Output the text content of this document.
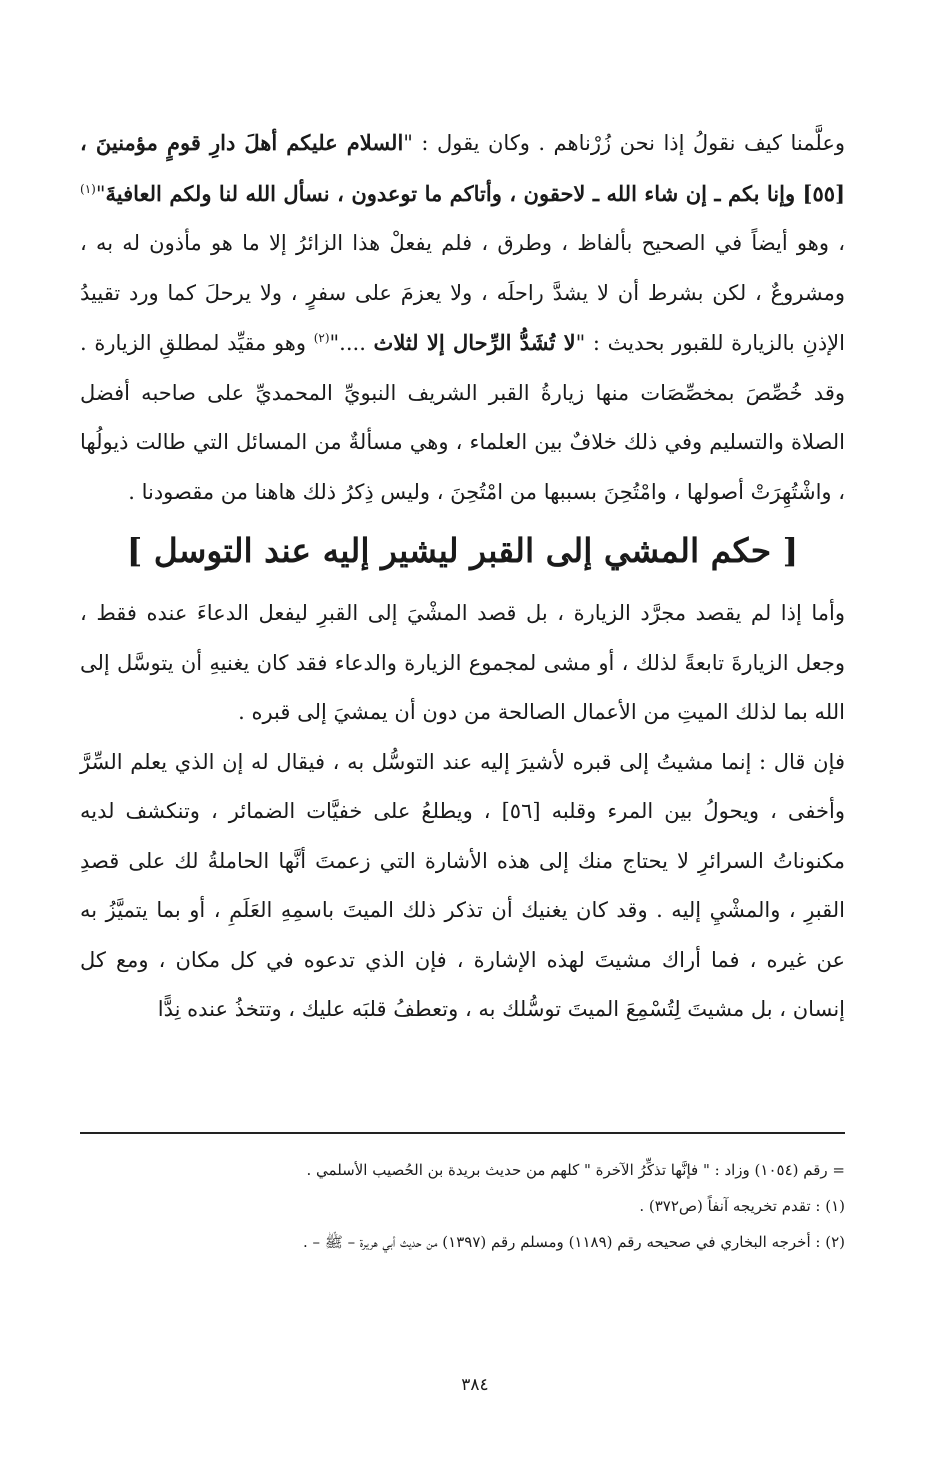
وعلَّمنا كيف نقولُ إذا نحن زُرْناهم . وكان يقول : "السلام عليكم أهلَ دارِ قومٍ مؤمنينَ ، [٥٥] وإنا بكم ـ إن شاء الله ـ لاحقون ، وأتاكم ما توعدون ، نسأل الله لنا ولكم العافيةَ"$^{(١)}$ ، وهو أيضاً في الصحيح بألفاظ ، وطرق ، فلم يفعلْ هذا الزائرُ إلا ما هو مأذون له به ، ومشروعٌ ، لكن بشرط أن لا يشدَّ راحلَه ، ولا يعزمَ على سفرٍ ، ولا يرحلَ كما ورد تقييدُ الإذنِ بالزيارة للقبور بحديث : "لا تُشَدُّ الرِّحال إلا لثلاث ...."$^{(٢)}$ وهو مقيِّد لمطلقِ الزيارة . وقد خُصِّصَ بمخصِّصَات منها زيارةُ القبر الشريف النبويِّ المحمديِّ على صاحبه أفضل الصلاة والتسليم وفي ذلك خلافٌ بين العلماء ، وهي مسألةٌ من المسائل التي طالت ذيولُها ، واشْتُهِرَتْ أصولها ، وامْتُحِنَ بسببها من امْتُحِنَ ، وليس ذِكرُ ذلك هاهنا من مقصودنا .

[ حكم المشي إلى القبر ليشير إليه عند التوسل ]

وأما إذا لم يقصد مجرَّد الزيارة ، بل قصد المشْيَ إلى القبرِ ليفعل الدعاءَ عنده فقط ، وجعل الزيارةَ تابعةً لذلك ، أو مشى لمجموع الزيارة والدعاء فقد كان يغنيهِ أن يتوسَّل إلى الله بما لذلك الميتِ من الأعمال الصالحة من دون أن يمشيَ إلى قبره .

فإن قال : إنما مشيتُ إلى قبره لأشيرَ إليه عند التوسُّل به ، فيقال له إن الذي يعلم السِّرَّ وأخفى ، ويحولُ بين المرء وقلبه [٥٦] ، ويطلعُ على خفيَّات الضمائر ، وتنكشف لديه مكنوناتُ السرائرِ لا يحتاج منك إلى هذه الأشارة التي زعمتَ أنَّها الحاملةُ لك على قصدِ القبرِ ، والمشْيِ إليه . وقد كان يغنيك أن تذكر ذلك الميتَ باسمِهِ العَلَمِ ، أو بما يتميَّزُ به عن غيره ، فما أراك مشيتَ لهذه الإشارة ، فإن الذي تدعوه في كل مكان ، ومع كل إنسان ، بل مشيتَ لِتُسْمِعَ الميتَ توسُّلك به ، وتعطفُ قلبَه عليك ، وتتخذُ عنده نِدًّا

= رقم (١٠٥٤) وزاد : " فإنَّها تذكِّرُ الآخرة " كلهم من حديث بريدة بن الحُصيب الأسلمي .

(١) : تقدم تخريجه آنفاً (ص٣٧٢) .

(٢) : أخرجه البخاري في صحيحه رقم (١١٨٩) ومسلم رقم (١٣٩٧) من حديث أبي هريرة – ﷺ – .

٣٨٤
